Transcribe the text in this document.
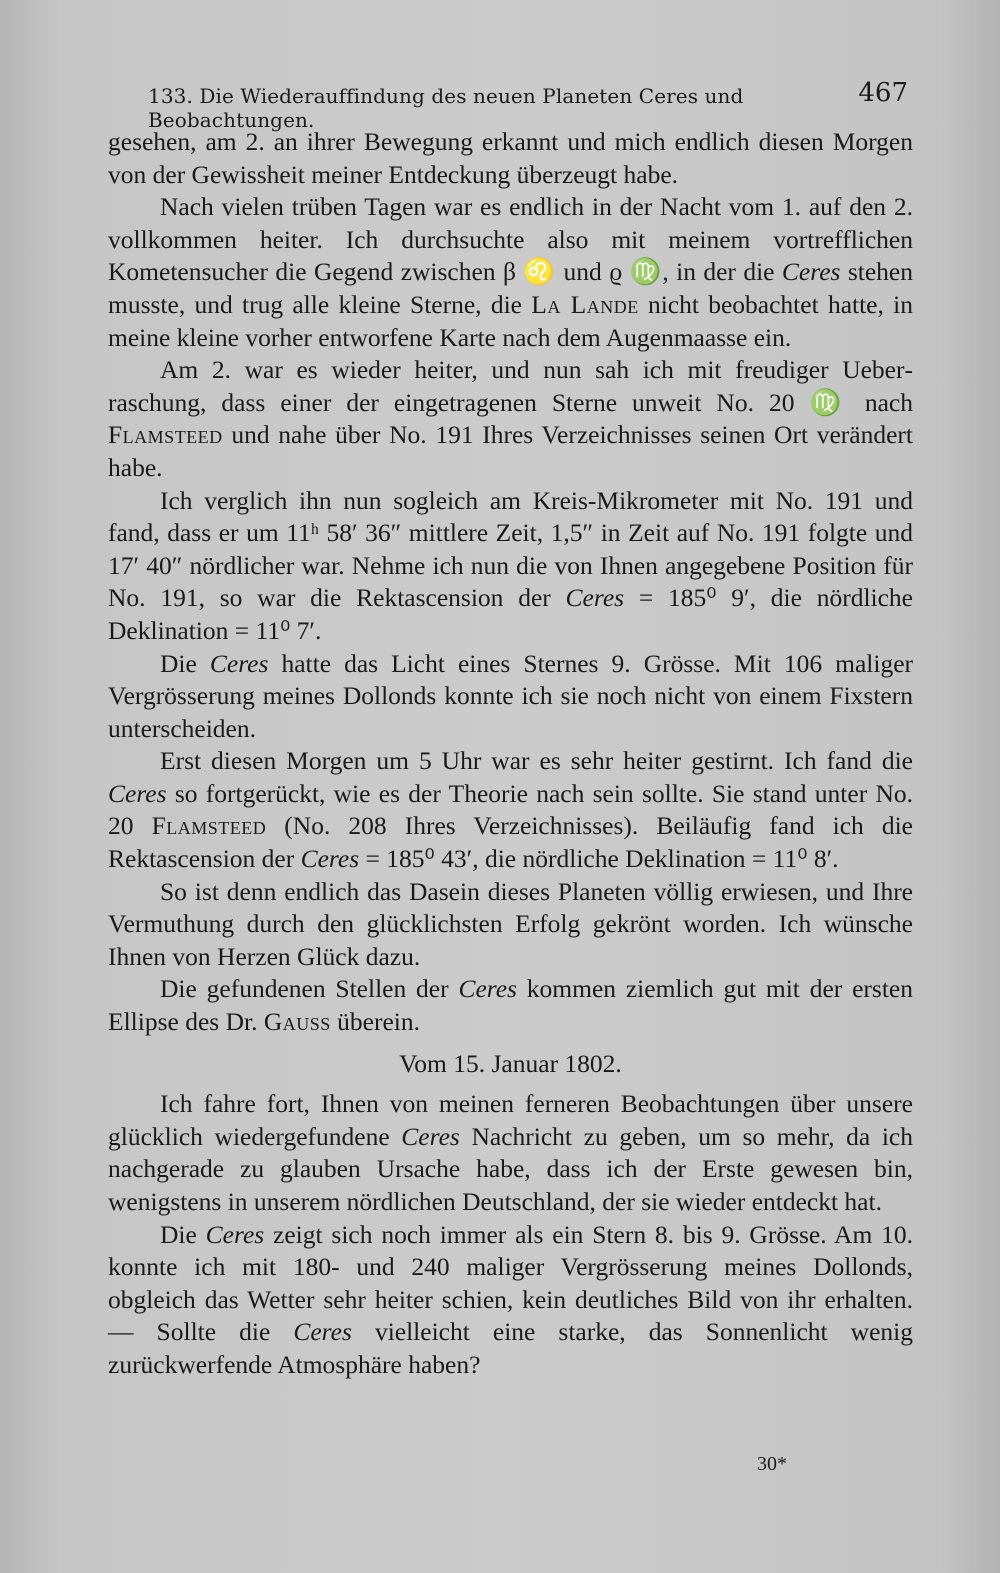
133. Die Wiederauffindung des neuen Planeten Ceres und Beobachtungen.
467

gesehen, am 2. an ihrer Bewegung erkannt und mich endlich diesen Morgen von der Gewissheit meiner Entdeckung überzeugt habe.

Nach vielen trüben Tagen war es endlich in der Nacht vom 1. auf den 2. vollkommen heiter. Ich durchsuchte also mit meinem vortrefflichen Kometensucher die Gegend zwischen β ♌ und ϱ ♍, in der die Ceres stehen musste, und trug alle kleine Sterne, die La Lande nicht beobachtet hatte, in meine kleine vorher entworfene Karte nach dem Augenmaasse ein.

Am 2. war es wieder heiter, und nun sah ich mit freudiger Ueberraschung, dass einer der eingetragenen Sterne unweit No. 20 ♍ nach Flamsteed und nahe über No. 191 Ihres Verzeichnisses seinen Ort verändert habe.

Ich verglich ihn nun sogleich am Kreis-Mikrometer mit No. 191 und fand, dass er um 11ʰ 58′ 36″ mittlere Zeit, 1,5″ in Zeit auf No. 191 folgte und 17′ 40″ nördlicher war. Nehme ich nun die von Ihnen angegebene Position für No. 191, so war die Rektascension der Ceres = 185⁰ 9′, die nördliche Deklination = 11⁰ 7′.

Die Ceres hatte das Licht eines Sternes 9. Grösse. Mit 106 maliger Vergrösserung meines Dollonds konnte ich sie noch nicht von einem Fixstern unterscheiden.

Erst diesen Morgen um 5 Uhr war es sehr heiter gestirnt. Ich fand die Ceres so fortgerückt, wie es der Theorie nach sein sollte. Sie stand unter No. 20 Flamsteed (No. 208 Ihres Verzeichnisses). Beiläufig fand ich die Rektascension der Ceres = 185⁰ 43′, die nördliche Deklination = 11⁰ 8′.

So ist denn endlich das Dasein dieses Planeten völlig erwiesen, und Ihre Vermuthung durch den glücklichsten Erfolg gekrönt worden. Ich wünsche Ihnen von Herzen Glück dazu.

Die gefundenen Stellen der Ceres kommen ziemlich gut mit der ersten Ellipse des Dr. Gauss überein.

Vom 15. Januar 1802.

Ich fahre fort, Ihnen von meinen ferneren Beobachtungen über unsere glücklich wiedergefundene Ceres Nachricht zu geben, um so mehr, da ich nachgerade zu glauben Ursache habe, dass ich der Erste gewesen bin, wenigstens in unserem nördlichen Deutschland, der sie wieder entdeckt hat.

Die Ceres zeigt sich noch immer als ein Stern 8. bis 9. Grösse. Am 10. konnte ich mit 180- und 240 maliger Vergrösserung meines Dollonds, obgleich das Wetter sehr heiter schien, kein deutliches Bild von ihr erhalten. — Sollte die Ceres vielleicht eine starke, das Sonnenlicht wenig zurückwerfende Atmosphäre haben?

30*
